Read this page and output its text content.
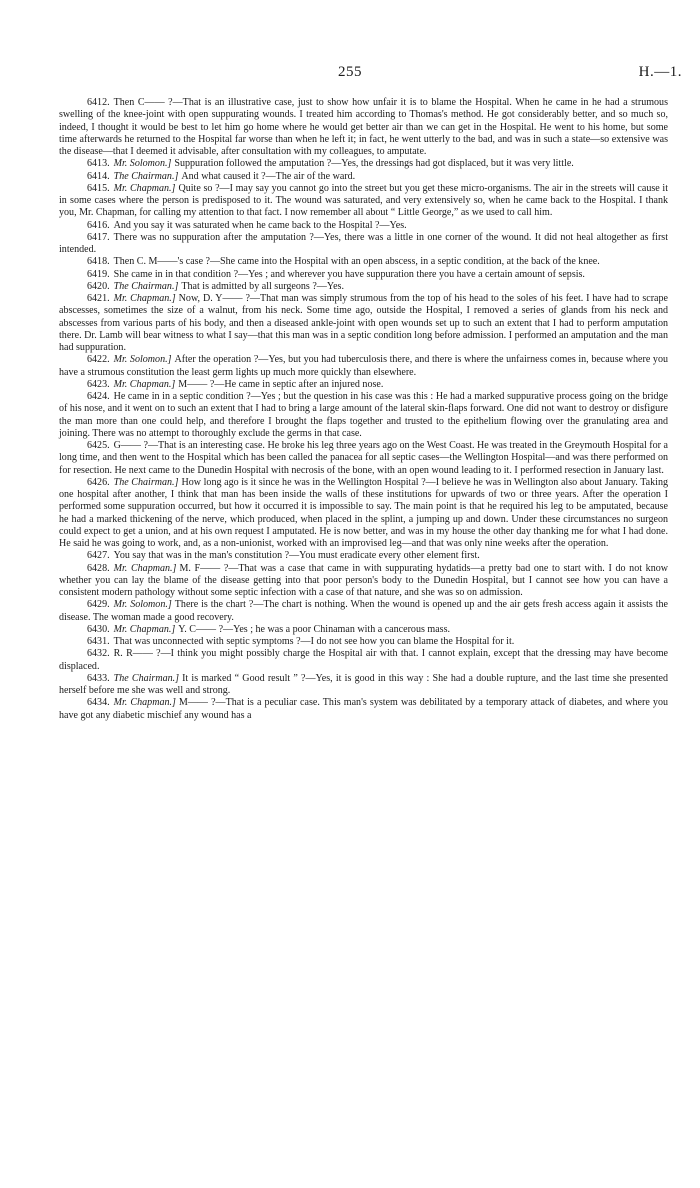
255	H.—1.

6412. Then C—— ?—That is an illustrative case, just to show how unfair it is to blame the Hospital. When he came in he had a strumous swelling of the knee-joint with open suppurating wounds. I treated him according to Thomas's method. He got considerably better, and so much so, indeed, I thought it would be best to let him go home where he would get better air than we can get in the Hospital. He went to his home, but some time afterwards he returned to the Hospital far worse than when he left it; in fact, he went utterly to the bad, and was in such a state—so extensive was the disease—that I deemed it advisable, after consultation with my colleagues, to amputate.

6413. Mr. Solomon.] Suppuration followed the amputation ?—Yes, the dressings had got displaced, but it was very little.

6414. The Chairman.] And what caused it ?—The air of the ward.

6415. Mr. Chapman.] Quite so ?—I may say you cannot go into the street but you get these micro-organisms. The air in the streets will cause it in some cases where the person is predisposed to it. The wound was saturated, and very extensively so, when he came back to the Hospital. I thank you, Mr. Chapman, for calling my attention to that fact. I now remember all about “ Little George,” as we used to call him.

6416. And you say it was saturated when he came back to the Hospital ?—Yes.

6417. There was no suppuration after the amputation ?—Yes, there was a little in one corner of the wound. It did not heal altogether as first intended.

6418. Then C. M——'s case ?—She came into the Hospital with an open abscess, in a septic condition, at the back of the knee.

6419. She came in in that condition ?—Yes ; and wherever you have suppuration there you have a certain amount of sepsis.

6420. The Chairman.] That is admitted by all surgeons ?—Yes.

6421. Mr. Chapman.] Now, D. Y—— ?—That man was simply strumous from the top of his head to the soles of his feet. I have had to scrape abscesses, sometimes the size of a walnut, from his neck. Some time ago, outside the Hospital, I removed a series of glands from his neck and abscesses from various parts of his body, and then a diseased ankle-joint with open wounds set up to such an extent that I had to perform amputation there. Dr. Lamb will bear witness to what I say—that this man was in a septic condition long before admission. I performed an amputation and the man had suppuration.

6422. Mr. Solomon.] After the operation ?—Yes, but you had tuberculosis there, and there is where the unfairness comes in, because where you have a strumous constitution the least germ lights up much more quickly than elsewhere.

6423. Mr. Chapman.] M—— ?—He came in septic after an injured nose.

6424. He came in in a septic condition ?—Yes ; but the question in his case was this : He had a marked suppurative process going on the bridge of his nose, and it went on to such an extent that I had to bring a large amount of the lateral skin-flaps forward. One did not want to destroy or disfigure the man more than one could help, and therefore I brought the flaps together and trusted to the epithelium flowing over the granulating area and joining. There was no attempt to thoroughly exclude the germs in that case.

6425. G—— ?—That is an interesting case. He broke his leg three years ago on the West Coast. He was treated in the Greymouth Hospital for a long time, and then went to the Hospital which has been called the panacea for all septic cases—the Wellington Hospital—and was there performed on for resection. He next came to the Dunedin Hospital with necrosis of the bone, with an open wound leading to it. I performed resection in January last.

6426. The Chairman.] How long ago is it since he was in the Wellington Hospital ?—I believe he was in Wellington also about January. Taking one hospital after another, I think that man has been inside the walls of these institutions for upwards of two or three years. After the operation I performed some suppuration occurred, but how it occurred it is impossible to say. The main point is that he required his leg to be amputated, because he had a marked thickening of the nerve, which produced, when placed in the splint, a jumping up and down. Under these circumstances no surgeon could expect to get a union, and at his own request I amputated. He is now better, and was in my house the other day thanking me for what I had done. He said he was going to work, and, as a non-unionist, worked with an improvised leg—and that was only nine weeks after the operation.

6427. You say that was in the man's constitution ?—You must eradicate every other element first.

6428. Mr. Chapman.] M. F—— ?—That was a case that came in with suppurating hydatids—a pretty bad one to start with. I do not know whether you can lay the blame of the disease getting into that poor person's body to the Dunedin Hospital, but I cannot see how you can have a consistent modern pathology without some septic infection with a case of that nature, and she was so on admission.

6429. Mr. Solomon.] There is the chart ?—The chart is nothing. When the wound is opened up and the air gets fresh access again it assists the disease. The woman made a good recovery.

6430. Mr. Chapman.] Y. C—— ?—Yes ; he was a poor Chinaman with a cancerous mass.

6431. That was unconnected with septic symptoms ?—I do not see how you can blame the Hospital for it.

6432. R. R—— ?—I think you might possibly charge the Hospital air with that. I cannot explain, except that the dressing may have become displaced.

6433. The Chairman.] It is marked “ Good result ” ?—Yes, it is good in this way : She had a double rupture, and the last time she presented herself before me she was well and strong.

6434. Mr. Chapman.] M—— ?—That is a peculiar case. This man's system was debilitated by a temporary attack of diabetes, and where you have got any diabetic mischief any wound has a
